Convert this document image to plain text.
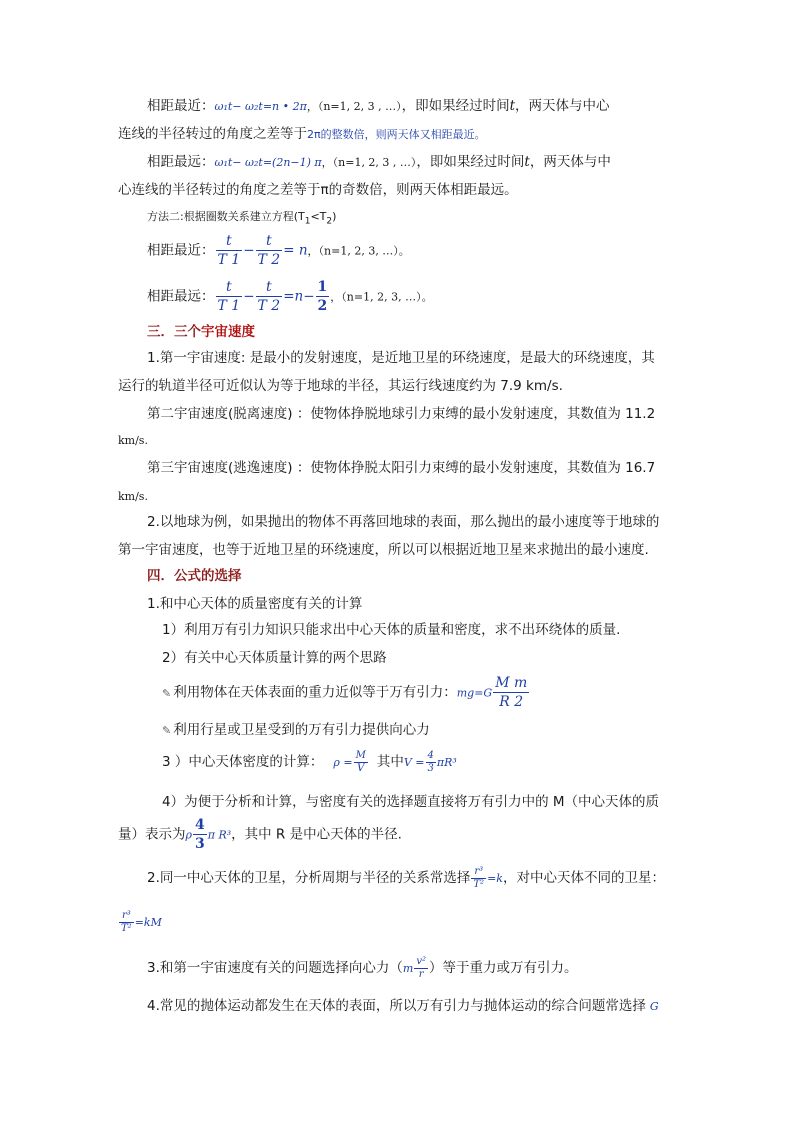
相距最近：ω₁t− ω₂t=n • 2π，（n=1, 2, 3 , …），即如果经过时间t，两天体与中心
连线的半径转过的角度之差等于2π的整数倍，则两天体又相距最近。
相距最远：ω₁t− ω₂t=(2n−1) π，（n=1, 2, 3 , …），即如果经过时间t，两天体与中
心连线的半径转过的角度之差等于π的奇数倍，则两天体相距最远。
方法二:根据圈数关系建立方程$(T_1<T_2)$
相距最近： $\frac{t}{T 1} - \frac{t}{T 2} = n$，（n=1, 2, 3, …）。
相距最远： $\frac{t}{T 1} - \frac{t}{T 2} =n- \frac{1}{2}$ ，（n=1, 2, 3, …）。
三．三个宇宙速度
1.第一宇宙速度: 是最小的发射速度，是近地卫星的环绕速度，是最大的环绕速度，其
运行的轨道半径可近似认为等于地球的半径，其运行线速度约为 7.9 km/s.
第二宇宙速度(脱离速度) ：使物体挣脱地球引力束缚的最小发射速度，其数值为 11.2
km/s.
第三宇宙速度(逃逸速度) ：使物体挣脱太阳引力束缚的最小发射速度，其数值为 16.7
km/s.
2.以地球为例，如果抛出的物体不再落回地球的表面，那么抛出的最小速度等于地球的
第一宇宙速度，也等于近地卫星的环绕速度，所以可以根据近地卫星来求抛出的最小速度.
四．公式的选择
1.和中心天体的质量密度有关的计算
1）利用万有引力知识只能求出中心天体的质量和密度，求不出环绕体的质量.
2）有关中心天体质量计算的两个思路
✎ 利用物体在天体表面的重力近似等于万有引力：$mg=G \frac{\text{M m}}{R 2}$
✎ 利用行星或卫星受到的万有引力提供向心力
3 ）中心天体密度的计算： $\rho = \frac{M}{V}$ 其中$V = \frac{4}{3} \pi R^3$
4）为便于分析和计算，与密度有关的选择题直接将万有引力中的 M（中心天体的质
量）表示为ρ $\frac{4}{3}$ π R³，其中 R 是中心天体的半径.
2.同一中心天体的卫星，分析周期与半径的关系常选择 $\frac{\text{r³}}{\text{T²}} =k$，对中心天体不同的卫星：
$\frac{\text{r³}}{\text{T²}} =kM$
3.和第一宇宙速度有关的问题选择向心力（$m \frac{\text{v²}}{r}$ ）等于重力或万有引力。
4.常见的抛体运动都发生在天体的表面，所以万有引力与抛体运动的综合问题常选择 G
